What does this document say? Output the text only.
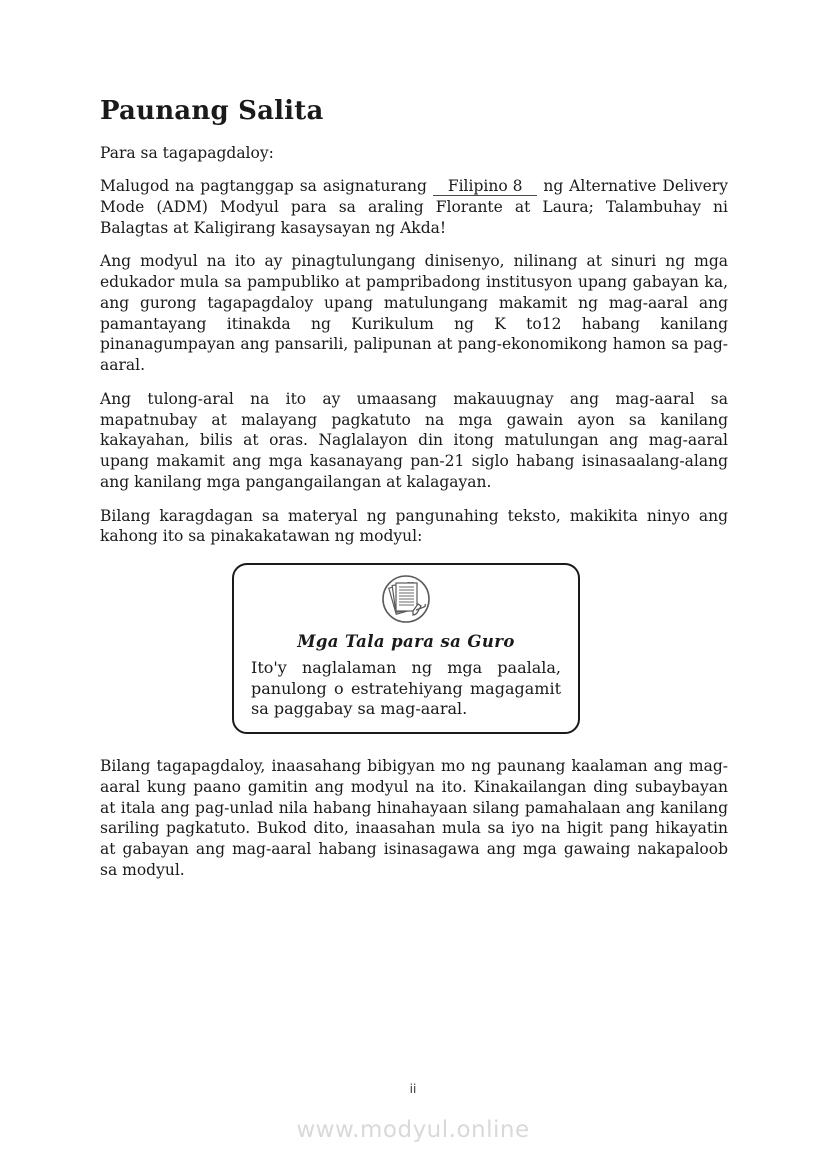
Paunang Salita
Para sa tagapagdaloy:

Malugod na pagtanggap sa asignaturang Filipino 8 ng Alternative Delivery Mode (ADM) Modyul para sa araling Florante at Laura; Talambuhay ni Balagtas at Kaligirang kasaysayan ng Akda!

Ang modyul na ito ay pinagtulungang dinisenyo, nilinang at sinuri ng mga edukador mula sa pampubliko at pampribadong institusyon upang gabayan ka, ang gurong tagapagdaloy upang matulungang makamit ng mag-aaral ang pamantayang itinakda ng Kurikulum ng K to12 habang kanilang pinanagumpayan ang pansarili, palipunan at pang-ekonomikong hamon sa pag-aaral.

Ang tulong-aral na ito ay umaasang makauugnay ang mag-aaral sa mapatnubay at malayang pagkatuto na mga gawain ayon sa kanilang kakayahan, bilis at oras. Naglalayon din itong matulungan ang mag-aaral upang makamit ang mga kasanayang pan-21 siglo habang isinasaalang-alang ang kanilang mga pangangailangan at kalagayan.

Bilang karagdagan sa materyal ng pangunahing teksto, makikita ninyo ang kahong ito sa pinakakatawan ng modyul:

Mga Tala para sa Guro
Ito'y naglalaman ng mga paalala, panulong o estratehiyang magagamit sa paggabay sa mag-aaral.

Bilang tagapagdaloy, inaasahang bibigyan mo ng paunang kaalaman ang mag-aaral kung paano gamitin ang modyul na ito. Kinakailangan ding subaybayan at itala ang pag-unlad nila habang hinahayaan silang pamahalaan ang kanilang sariling pagkatuto. Bukod dito, inaasahan mula sa iyo na higit pang hikayatin at gabayan ang mag-aaral habang isinasagawa ang mga gawaing nakapaloob sa modyul.

ii
www.modyul.online
